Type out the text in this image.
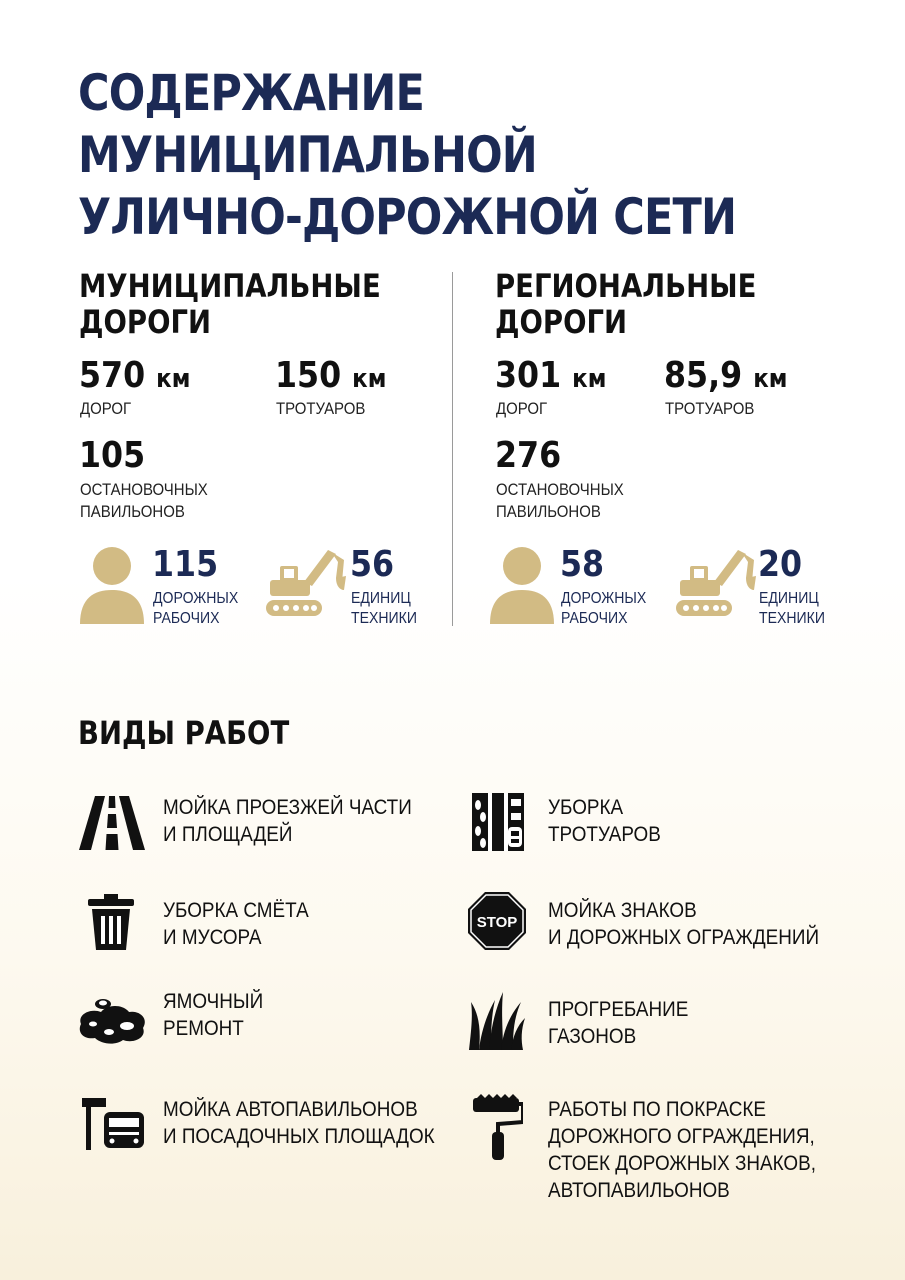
СОДЕРЖАНИЕ МУНИЦИПАЛЬНОЙ
УЛИЧНО-ДОРОЖНОЙ СЕТИ
МУНИЦИПАЛЬНЫЕ
ДОРОГИ
570 км
ДОРОГ
150 км
ТРОТУАРОВ
105
ОСТАНОВОЧНЫХ
ПАВИЛЬОНОВ
115
ДОРОЖНЫХ
РАБОЧИХ
56
ЕДИНИЦ
ТЕХНИКИ
РЕГИОНАЛЬНЫЕ
ДОРОГИ
301 км
ДОРОГ
85,9 км
ТРОТУАРОВ
276
ОСТАНОВОЧНЫХ
ПАВИЛЬОНОВ
58
ДОРОЖНЫХ
РАБОЧИХ
20
ЕДИНИЦ
ТЕХНИКИ
ВИДЫ РАБОТ
МОЙКА ПРОЕЗЖЕЙ ЧАСТИ
И ПЛОЩАДЕЙ
УБОРКА
ТРОТУАРОВ
УБОРКА СМЁТА
И МУСОРА
STOP
МОЙКА ЗНАКОВ
И ДОРОЖНЫХ ОГРАЖДЕНИЙ
ЯМОЧНЫЙ
РЕМОНТ
ПРОГРЕБАНИЕ
ГАЗОНОВ
МОЙКА АВТОПАВИЛЬОНОВ
И ПОСАДОЧНЫХ ПЛОЩАДОК
РАБОТЫ ПО ПОКРАСКЕ
ДОРОЖНОГО ОГРАЖДЕНИЯ,
СТОЕК ДОРОЖНЫХ ЗНАКОВ,
АВТОПАВИЛЬОНОВ
